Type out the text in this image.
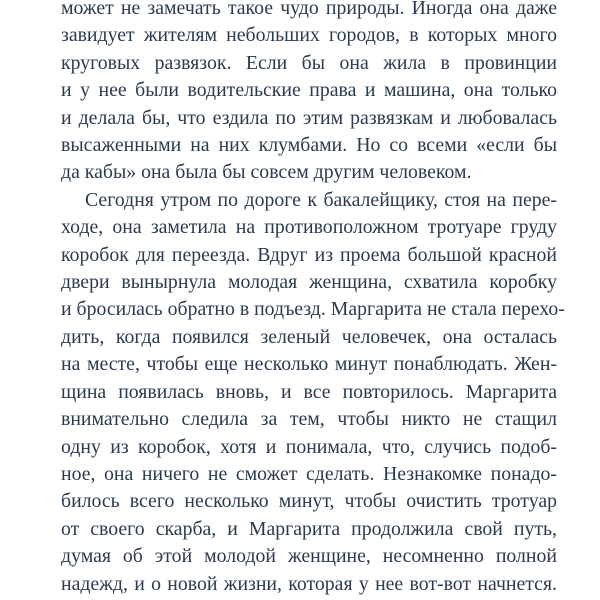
может не замечать такое чудо природы. Иногда она даже
завидует жителям небольших городов, в которых много
круговых развязок. Если бы она жила в провинции
и у нее были водительские права и машина, она только
и делала бы, что ездила по этим развязкам и любовалась
высаженными на них клумбами. Но со всеми «если бы
да кабы» она была бы совсем другим человеком.

Сегодня утром по дороге к бакалейщику, стоя на пере-
ходе, она заметила на противоположном тротуаре груду
коробок для переезда. Вдруг из проема большой красной
двери вынырнула молодая женщина, схватила коробку
и бросилась обратно в подъезд. Маргарита не стала перехо-
дить, когда появился зеленый человечек, она осталась
на месте, чтобы еще несколько минут понаблюдать. Жен-
щина появилась вновь, и все повторилось. Маргарита
внимательно следила за тем, чтобы никто не стащил
одну из коробок, хотя и понимала, что, случись подоб-
ное, она ничего не сможет сделать. Незнакомке понадо-
билось всего несколько минут, чтобы очистить тротуар
от своего скарба, и Маргарита продолжила свой путь,
думая об этой молодой женщине, несомненно полной
надежд, и о новой жизни, которая у нее вот-вот начнется.
